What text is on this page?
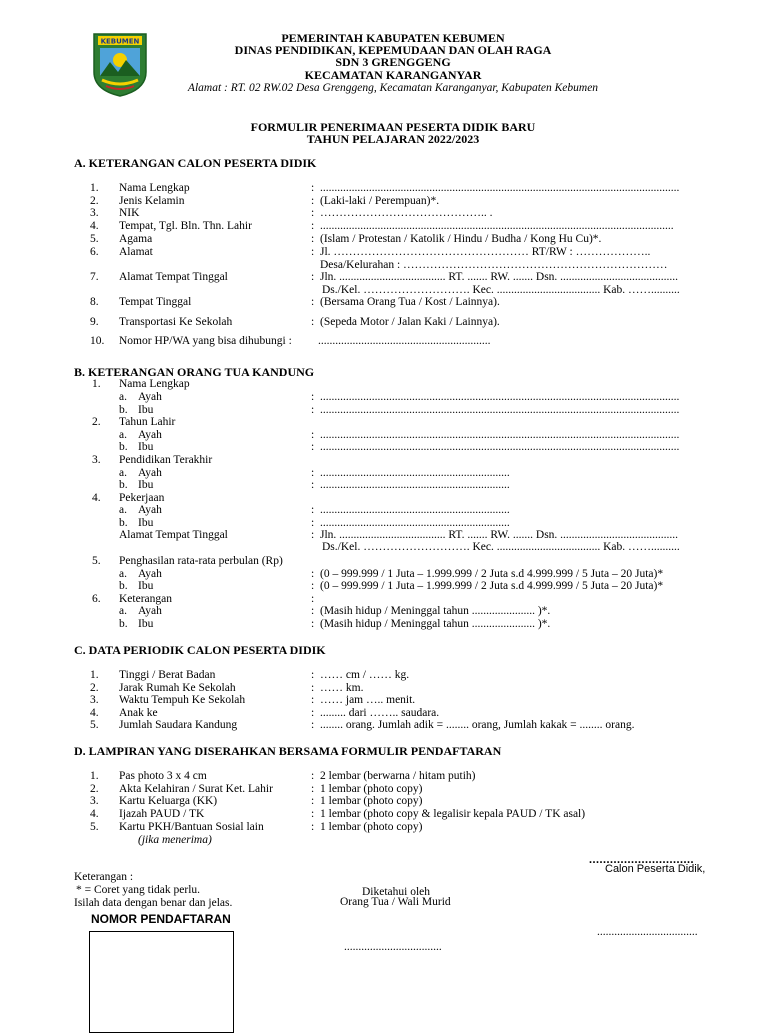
KEBUMEN	PEMERINTAH KABUPATEN KEBUMEN
DINAS PENDIDIKAN, KEPEMUDAAN DAN OLAH RAGA
SDN 3 GRENGGENG
KECAMATAN KARANGANYAR
Alamat : RT. 02 RW.02 Desa Grenggeng, Kecamatan Karanganyar, Kabupaten Kebumen
FORMULIR PENERIMAAN PESERTA DIDIK BARU
TAHUN PELAJARAN 2022/2023
A. KETERANGAN CALON PESERTA DIDIK
1. Nama Lengkap	: .............................................................................................................................
2. Jenis Kelamin	: (Laki-laki / Perempuan)*.
3. NIK	: …………………………………….. .
4. Tempat, Tgl. Bln. Thn. Lahir	: ...........................................................................................................................
5. Agama	: (Islam / Protestan / Katolik / Hindu / Budha / Kong Hu Cu)*.
6. Alamat	: Jl. …………………………………………… RT/RW : ………………..
Desa/Kelurahan : ……………………………………………………………
7. Alamat Tempat Tinggal	: Jln. ..................................... RT. ....... RW. ....... Dsn. .........................................
Ds./Kel. ………………………. Kec. .................................... Kab. ……..........
8. Tempat Tinggal	: (Bersama Orang Tua / Kost / Lainnya).
9. Transportasi Ke Sekolah	: (Sepeda Motor / Jalan Kaki / Lainnya).
10. Nomor HP/WA yang bisa dihubungi : ............................................................
B. KETERANGAN ORANG TUA KANDUNG
1. Nama Lengkap
a. Ayah	: .............................................................................................................................
b. Ibu	: .............................................................................................................................
2. Tahun Lahir
a. Ayah	: .............................................................................................................................
b. Ibu	: .............................................................................................................................
3. Pendidikan Terakhir
a. Ayah	: ..................................................................
b. Ibu	: ..................................................................
4. Pekerjaan
a. Ayah	: ..................................................................
b. Ibu	: ..................................................................
Alamat Tempat Tinggal	: Jln. ..................................... RT. ....... RW. ....... Dsn. .........................................
Ds./Kel. ………………………. Kec. .................................... Kab. ……..........
5. Penghasilan rata-rata perbulan (Rp)
a. Ayah	: (0 – 999.999 / 1 Juta – 1.999.999 / 2 Juta s.d 4.999.999 / 5 Juta – 20 Juta)*
b. Ibu	: (0 – 999.999 / 1 Juta – 1.999.999 / 2 Juta s.d 4.999.999 / 5 Juta – 20 Juta)*
6. Keterangan	:
a. Ayah	: (Masih hidup / Meninggal tahun ...................... )*.
b. Ibu	: (Masih hidup / Meninggal tahun ...................... )*.
C. DATA PERIODIK CALON PESERTA DIDIK
1. Tinggi / Berat Badan	: …… cm / …… kg.
2. Jarak Rumah Ke Sekolah	: …… km.
3. Waktu Tempuh Ke Sekolah	: …… jam ….. menit.
4. Anak ke	: ......... dari …….. saudara.
5. Jumlah Saudara Kandung	: ........ orang. Jumlah adik = ........ orang, Jumlah kakak = ........ orang.
D. LAMPIRAN YANG DISERAHKAN BERSAMA FORMULIR PENDAFTARAN
1. Pas photo 3 x 4 cm	: 2 lembar (berwarna / hitam putih)
2. Akta Kelahiran / Surat Ket. Lahir	: 1 lembar (photo copy)
3. Kartu Keluarga (KK)	: 1 lembar (photo copy)
4. Ijazah PAUD / TK	: 1 lembar (photo copy & legalisir kepala PAUD / TK asal)
5. Kartu PKH/Bantuan Sosial lain	: 1 lembar (photo copy)
(jika menerima)
..............................
Calon Peserta Didik,
Keterangan :
* = Coret yang tidak perlu.
Isilah data dengan benar dan jelas.
Diketahui oleh
Orang Tua / Wali Murid
NOMOR PENDAFTARAN
...................................
..................................
